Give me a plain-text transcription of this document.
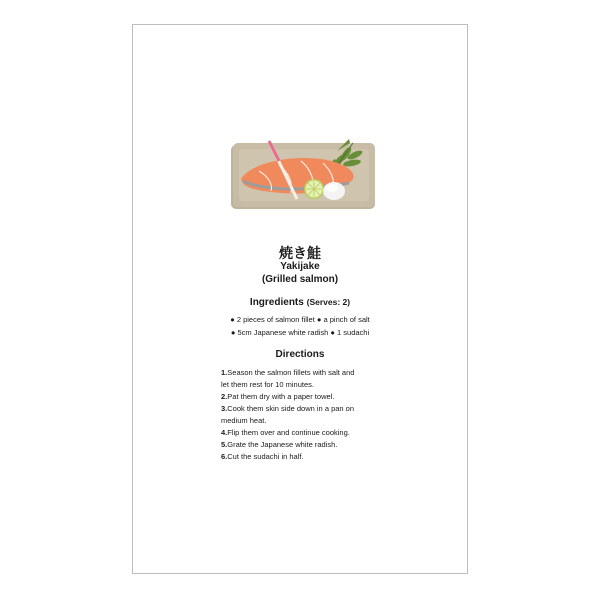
焼き鮭
Yakijake
(Grilled salmon)
Ingredients (Serves: 2)
● 2 pieces of salmon fillet ● a pinch of salt
● 5cm Japanese white radish ● 1 sudachi
Directions
1.Season the salmon fillets with salt and
let them rest for 10 minutes.
2.Pat them dry with a paper towel.
3.Cook them skin side down in a pan on
medium heat.
4.Flip them over and continue cooking.
5.Grate the Japanese white radish.
6.Cut the sudachi in half.
